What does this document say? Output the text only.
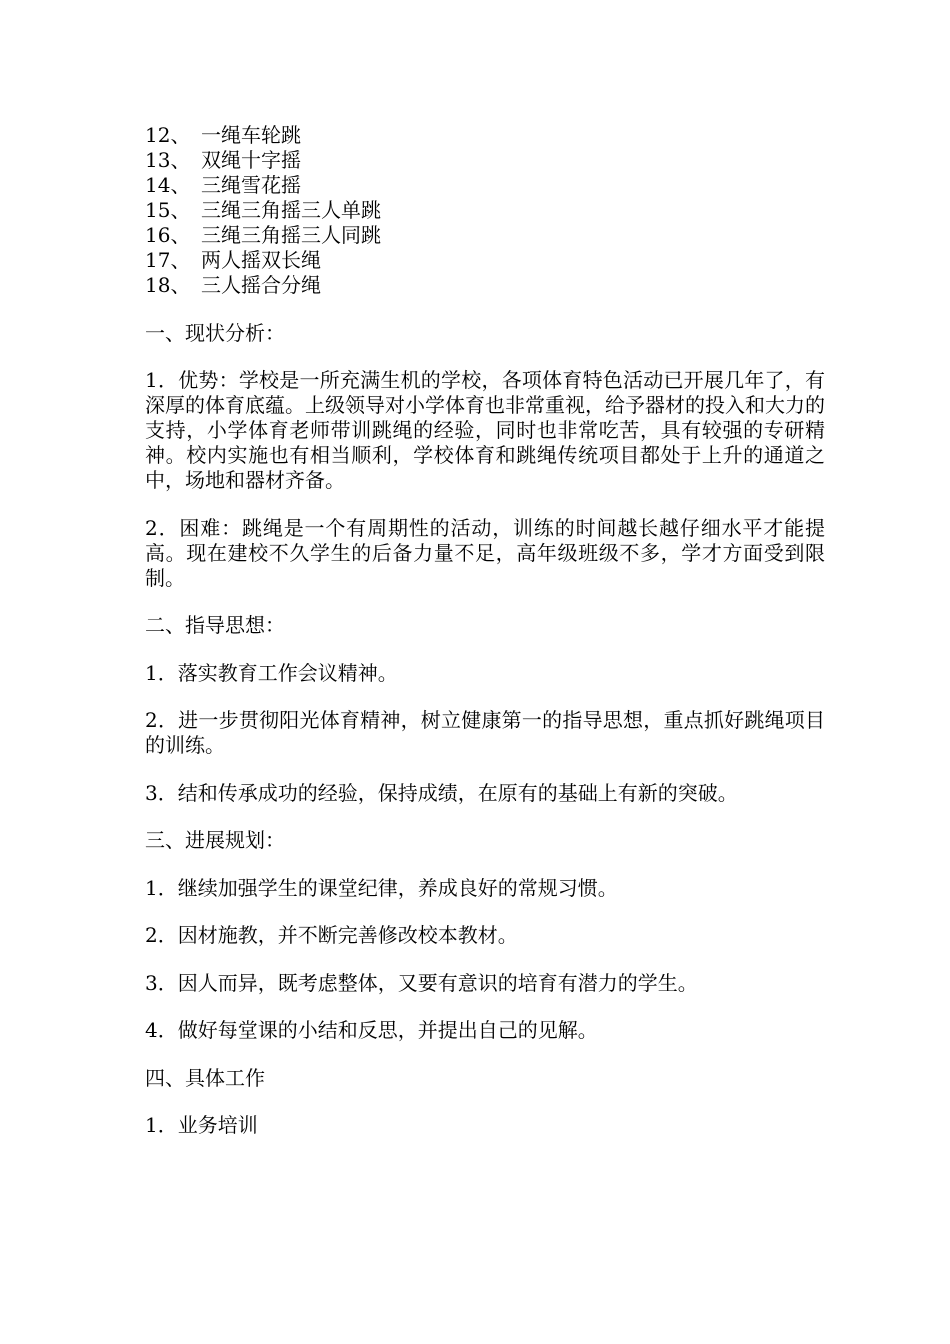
12、 一绳车轮跳
13、 双绳十字摇
14、 三绳雪花摇
15、 三绳三角摇三人单跳
16、 三绳三角摇三人同跳
17、 两人摇双长绳
18、 三人摇合分绳

一、现状分析：

1．优势：学校是一所充满生机的学校，各项体育特色活动已开展几年了，有深厚的体育底蕴。上级领导对小学体育也非常重视，给予器材的投入和大力的支持，小学体育老师带训跳绳的经验，同时也非常吃苦，具有较强的专研精神。校内实施也有相当顺利，学校体育和跳绳传统项目都处于上升的通道之中，场地和器材齐备。

2．困难：跳绳是一个有周期性的活动，训练的时间越长越仔细水平才能提高。现在建校不久学生的后备力量不足，高年级班级不多，学才方面受到限制。

二、指导思想：

1．落实教育工作会议精神。

2．进一步贯彻阳光体育精神，树立健康第一的指导思想，重点抓好跳绳项目的训练。

3．结和传承成功的经验，保持成绩，在原有的基础上有新的突破。

三、进展规划：

1．继续加强学生的课堂纪律，养成良好的常规习惯。

2．因材施教，并不断完善修改校本教材。

3．因人而异，既考虑整体，又要有意识的培育有潜力的学生。

4．做好每堂课的小结和反思，并提出自己的见解。

四、具体工作

1．业务培训
